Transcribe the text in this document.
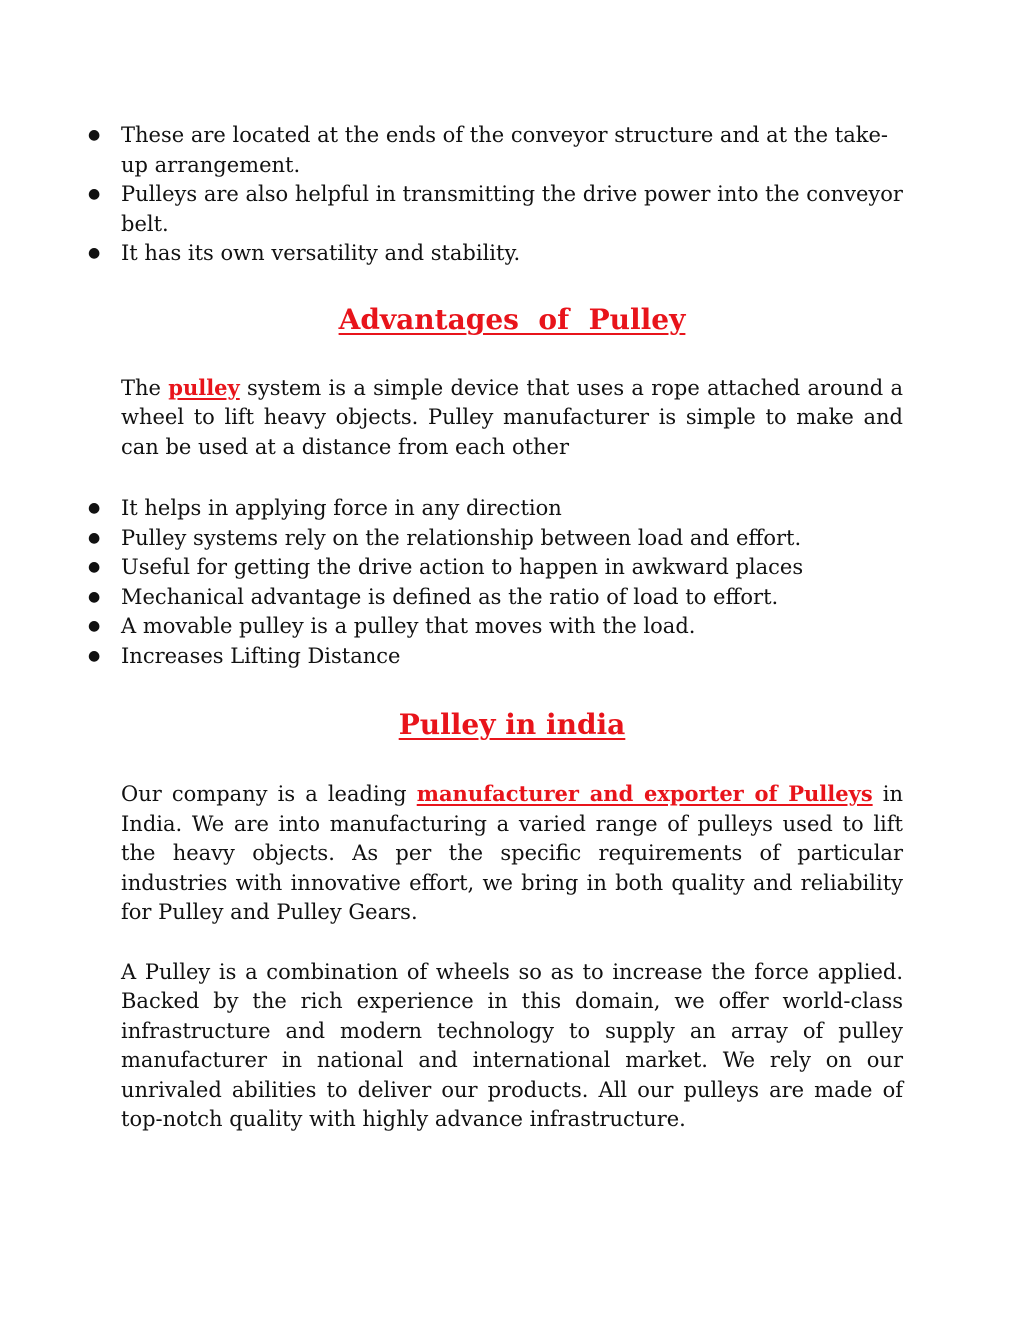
● These are located at the ends of the conveyor structure and at the take-up arrangement.
● Pulleys are also helpful in transmitting the drive power into the conveyor belt.
● It has its own versatility and stability.
Advantages  of  Pulley

The pulley system is a simple device that uses a rope attached around a wheel to lift heavy objects. Pulley manufacturer is simple to make and can be used at a distance from each other

● It helps in applying force in any direction
● Pulley systems rely on the relationship between load and effort.
● Useful for getting the drive action to happen in awkward places
● Mechanical advantage is defined as the ratio of load to effort.
● A movable pulley is a pulley that moves with the load.
● Increases Lifting Distance
Pulley in india

Our company is a leading manufacturer and exporter of Pulleys in India. We are into manufacturing a varied range of pulleys used to lift the heavy objects. As per the specific requirements of particular industries with innovative effort, we bring in both quality and reliability for Pulley and Pulley Gears.

A Pulley is a combination of wheels so as to increase the force applied. Backed by the rich experience in this domain, we offer world-class infrastructure and modern technology to supply an array of pulley manufacturer in national and international market. We rely on our unrivaled abilities to deliver our products. All our pulleys are made of top-notch quality with highly advance infrastructure.
